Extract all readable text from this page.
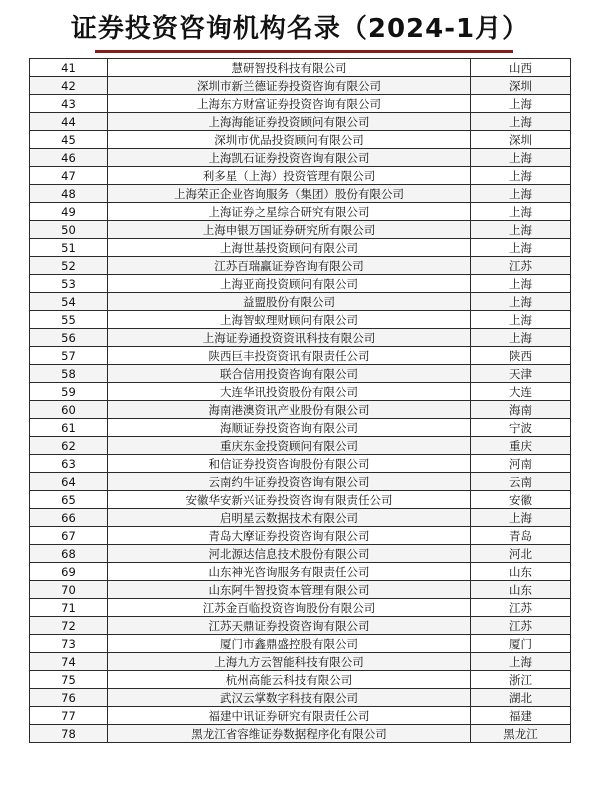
证券投资咨询机构名录（2024-1月）
41	慧研智投科技有限公司	山西
42	深圳市新兰德证券投资咨询有限公司	深圳
43	上海东方财富证券投资咨询有限公司	上海
44	上海海能证券投资顾问有限公司	上海
45	深圳市优品投资顾问有限公司	深圳
46	上海凯石证券投资咨询有限公司	上海
47	利多星（上海）投资管理有限公司	上海
48	上海荣正企业咨询服务（集团）股份有限公司	上海
49	上海证券之星综合研究有限公司	上海
50	上海申银万国证券研究所有限公司	上海
51	上海世基投资顾问有限公司	上海
52	江苏百瑞赢证券咨询有限公司	江苏
53	上海亚商投资顾问有限公司	上海
54	益盟股份有限公司	上海
55	上海智蚁理财顾问有限公司	上海
56	上海证券通投资资讯科技有限公司	上海
57	陕西巨丰投资资讯有限责任公司	陕西
58	联合信用投资咨询有限公司	天津
59	大连华讯投资股份有限公司	大连
60	海南港澳资讯产业股份有限公司	海南
61	海顺证券投资咨询有限公司	宁波
62	重庆东金投资顾问有限公司	重庆
63	和信证券投资咨询股份有限公司	河南
64	云南约牛证券投资咨询有限公司	云南
65	安徽华安新兴证券投资咨询有限责任公司	安徽
66	启明星云数据技术有限公司	上海
67	青岛大摩证券投资咨询有限公司	青岛
68	河北源达信息技术股份有限公司	河北
69	山东神光咨询服务有限责任公司	山东
70	山东阿牛智投资本管理有限公司	山东
71	江苏金百临投资咨询股份有限公司	江苏
72	江苏天鼎证券投资咨询有限公司	江苏
73	厦门市鑫鼎盛控股有限公司	厦门
74	上海九方云智能科技有限公司	上海
75	杭州高能云科技有限公司	浙江
76	武汉云掌数字科技有限公司	湖北
77	福建中讯证券研究有限责任公司	福建
78	黑龙江省容维证券数据程序化有限公司	黑龙江
